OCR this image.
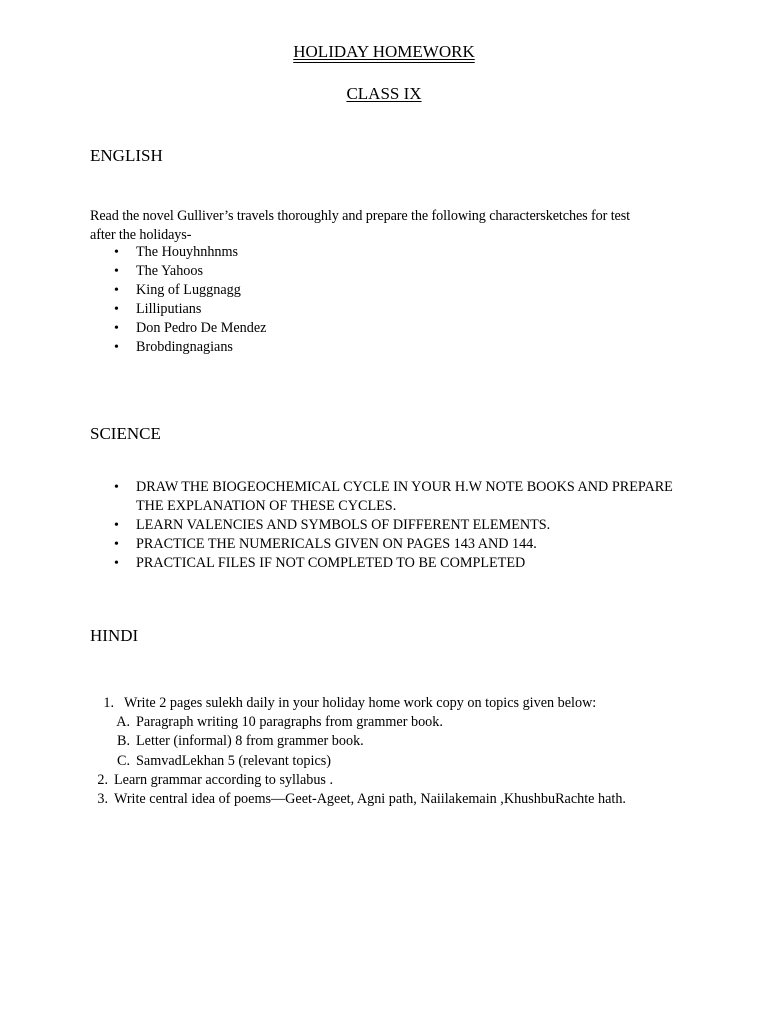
HOLIDAY HOMEWORK
CLASS IX
ENGLISH
Read the novel Gulliver’s travels thoroughly and prepare the following charactersketches for test
after the holidays-
• The Houyhnhnms
• The Yahoos
• King of Luggnagg
• Lilliputians
• Don Pedro De Mendez
• Brobdingnagians
SCIENCE
• DRAW THE BIOGEOCHEMICAL CYCLE IN YOUR H.W NOTE BOOKS AND PREPARE THE EXPLANATION OF THESE CYCLES.
• LEARN VALENCIES AND SYMBOLS OF DIFFERENT ELEMENTS.
• PRACTICE THE NUMERICALS GIVEN ON PAGES 143 AND 144.
• PRACTICAL FILES IF NOT COMPLETED TO BE COMPLETED
HINDI
1. Write 2 pages sulekh daily in your holiday home work copy on topics given below:
A. Paragraph writing 10 paragraphs from grammer book.
B. Letter (informal) 8 from grammer book.
C. SamvadLekhan 5 (relevant topics)
2. Learn grammar according to syllabus .
3. Write central idea of poems—Geet-Ageet, Agni path, Naiilakemain ,KhushbuRachte hath.
